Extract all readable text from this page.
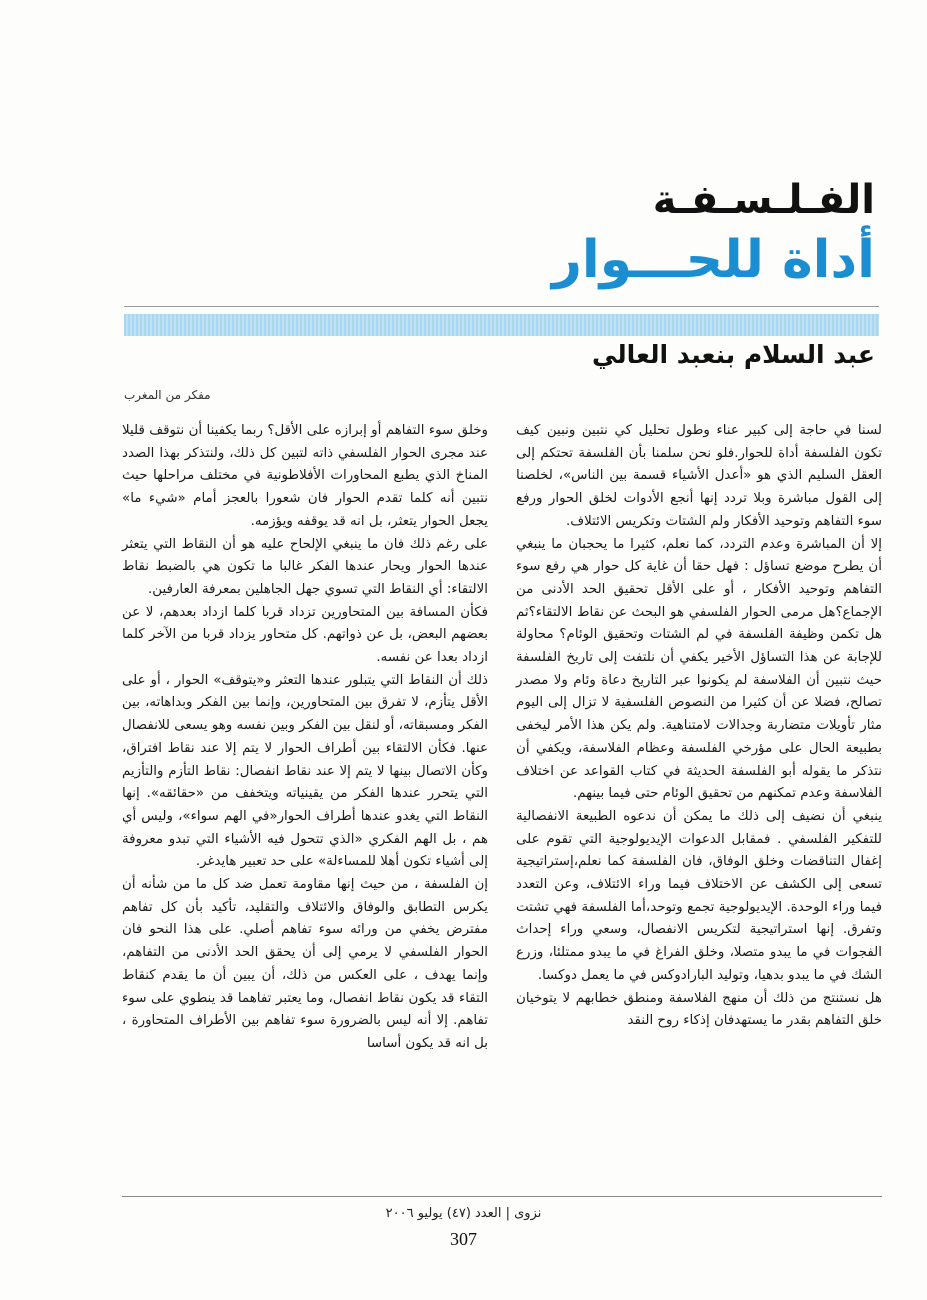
الفـلـسـفـة
أداة للحـــوار
عبد السلام بنعبد العالي

مفكر من المغرب

لسنا في حاجة إلى كبير عناء وطول تحليل كي نتبين ونبين كيف تكون الفلسفة أداة للحوار.فلو نحن سلمنا بأن الفلسفة تحتكم إلى العقل السليم الذي هو «أعدل الأشياء قسمة بين الناس»، لخلصنا إلى القول مباشرة وبلا تردد إنها أنجع الأدوات لخلق الحوار ورفع سوء التفاهم وتوحيد الأفكار ولم الشتات وتكريس الائتلاف.

إلا أن المباشرة وعدم التردد، كما نعلم، كثيرا ما يحجبان ما ينبغي أن يطرح موضع تساؤل : فهل حقا أن غاية كل حوار هي رفع سوء التفاهم وتوحيد الأفكار ، أو على الأقل تحقيق الحد الأدنى من الإجماع؟هل مرمى الحوار الفلسفي هو البحث عن نقاط الالتقاء؟ثم هل تكمن وظيفة الفلسفة في لم الشتات وتحقيق الوئام؟ محاولة للإجابة عن هذا التساؤل الأخير يكفي أن نلتفت إلى تاريخ الفلسفة حيث نتبين أن الفلاسفة لم يكونوا عبر التاريخ دعاة وئام ولا مصدر تصالح، فضلا عن أن كثيرا من النصوص الفلسفية لا تزال إلى اليوم مثار تأويلات متضاربة وجدالات لامتناهية. ولم يكن هذا الأمر ليخفى بطبيعة الحال على مؤرخي الفلسفة وعظام الفلاسفة، ويكفي أن نتذكر ما يقوله أبو الفلسفة الحديثة في كتاب القواعد عن اختلاف الفلاسفة وعدم تمكنهم من تحقيق الوئام حتى فيما بينهم.

ينبغي أن نضيف إلى ذلك ما يمكن أن ندعوه الطبيعة الانفصالية للتفكير الفلسفي . فمقابل الدعوات الإيديولوجية التي تقوم على إغفال التناقضات وخلق الوفاق، فان الفلسفة كما نعلم،إستراتيجية تسعى إلى الكشف عن الاختلاف فيما وراء الائتلاف، وعن التعدد فيما وراء الوحدة. الإيديولوجية تجمع وتوحد،أما الفلسفة فهي تشتت وتفرق. إنها استراتيجية لتكريس الانفصال، وسعي وراء إحداث الفجوات في ما يبدو متصلا، وخلق الفراغ في ما يبدو ممتلئا، وزرع الشك في ما يبدو بدهيا، وتوليد البارادوكس في ما يعمل دوكسا.

هل نستنتج من ذلك أن منهج الفلاسفة ومنطق خطابهم لا يتوخيان خلق التفاهم بقدر ما يستهدفان إذكاء روح النقد

وخلق سوء التفاهم أو إبرازه على الأقل؟ ربما يكفينا أن نتوقف قليلا عند مجرى الحوار الفلسفي ذاته لتبين كل ذلك، ولنتذكر بهذا الصدد المناخ الذي يطبع المحاورات الأفلاطونية في مختلف مراحلها حيث نتبين أنه كلما تقدم الحوار فان شعورا بالعجز أمام «شيء ما» يجعل الحوار يتعثر، بل انه قد يوقفه ويؤزمه.

على رغم ذلك فان ما ينبغي الإلحاح عليه هو أن النقاط التي يتعثر عندها الحوار ويحار عندها الفكر غالبا ما تكون هي بالضبط نقاط الالتقاء: أي النقاط التي تسوي جهل الجاهلين بمعرفة العارفين.

فكأن المسافة بين المتحاورين تزداد قربا كلما ازداد بعدهم، لا عن بعضهم البعض، بل عن ذواتهم. كل متحاور يزداد قربا من الآخر كلما ازداد بعدا عن نفسه.

ذلك أن النقاط التي يتبلور عندها التعثر و«يتوقف» الحوار ، أو على الأقل يتأزم، لا تفرق بين المتحاورين، وإنما بين الفكر وبداهاته، بين الفكر ومسبقاته، أو لنقل بين الفكر وبين نفسه وهو يسعى للانفصال عنها. فكأن الالتقاء بين أطراف الحوار لا يتم إلا عند نقاط افتراق، وكأن الاتصال بينها لا يتم إلا عند نقاط انفصال: نقاط التأزم والتأزيم التي يتحرر عندها الفكر من يقينياته ويتخفف من «حقائقه». إنها النقاط التي يغدو عندها أطراف الحوار«في الهم سواء»، وليس أي هم ، بل الهم الفكري «الذي تتحول فيه الأشياء التي تبدو معروفة إلى أشياء تكون أهلا للمساءلة» على حد تعبير هايدغر.

إن الفلسفة ، من حيث إنها مقاومة تعمل ضد كل ما من شأنه أن يكرس التطابق والوفاق والائتلاف والتقليد، تأكيد بأن كل تفاهم مفترض يخفي من ورائه سوء تفاهم أصلي. على هذا النحو فان الحوار الفلسفي لا يرمي إلى أن يحقق الحد الأدنى من التفاهم، وإنما يهدف ، على العكس من ذلك، أن يبين أن ما يقدم كنقاط التقاء قد يكون نقاط انفصال، وما يعتبر تفاهما قد ينطوي على سوء تفاهم. إلا أنه ليس بالضرورة سوء تفاهم بين الأطراف المتحاورة ، بل انه قد يكون أساسا

نزوى | العدد (٤٧) يوليو ٢٠٠٦
307
